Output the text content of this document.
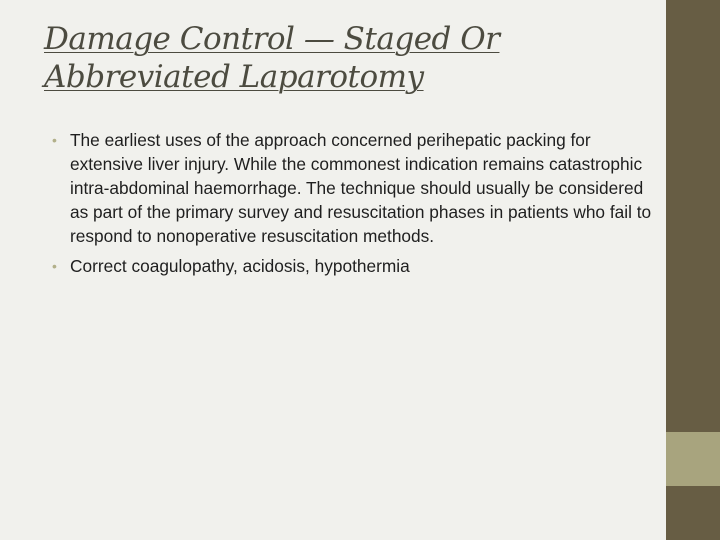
Damage Control — Staged Or Abbreviated Laparotomy
• The earliest uses of the approach concerned perihepatic packing for extensive liver injury. While the commonest indication remains catastrophic intra-abdominal haemorrhage. The technique should usually be considered as part of the primary survey and resuscitation phases in patients who fail to respond to nonoperative resuscitation methods.
• Correct coagulopathy, acidosis, hypothermia
